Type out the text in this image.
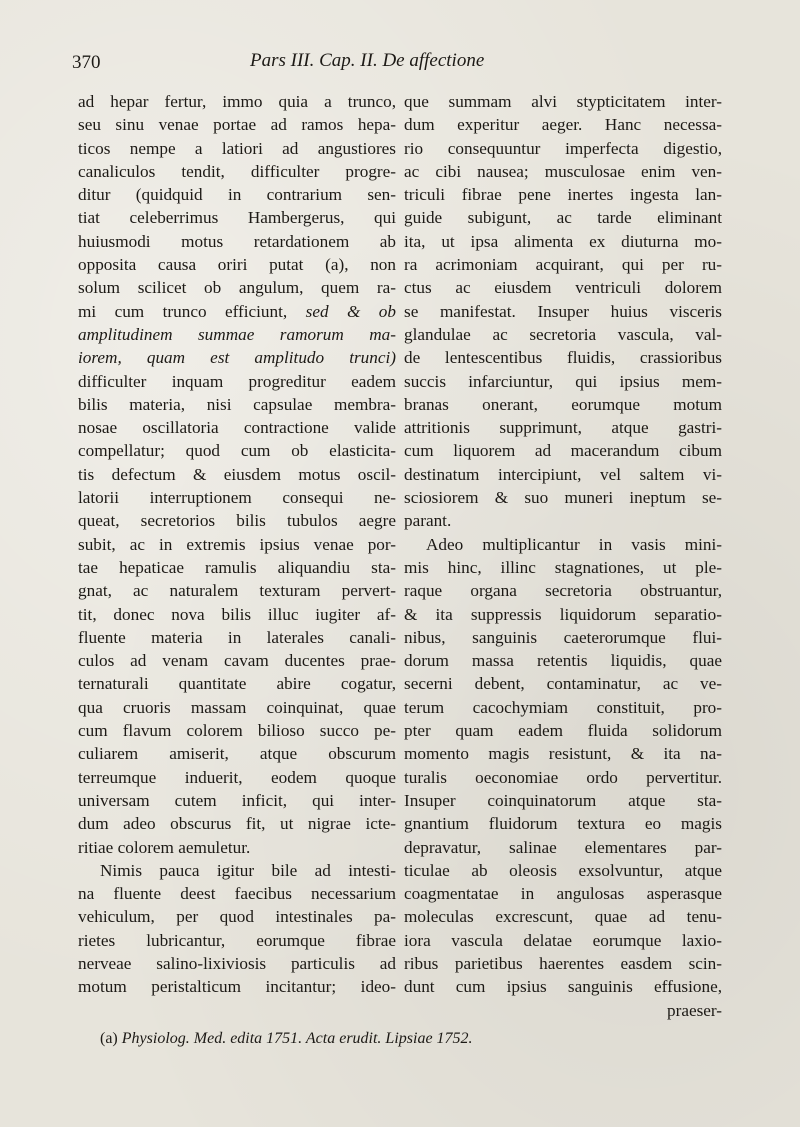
370	Pars III. Cap. II. De affectione
ad hepar fertur, immo quia a trunco,
seu sinu venae portae ad ramos hepa-
ticos nempe a latiori ad angustiores
canaliculos tendit, difficulter progre-
ditur (quidquid in contrarium sen-
tiat celeberrimus Hambergerus, qui
huiusmodi motus retardationem ab
opposita causa oriri putat (a), non
solum scilicet ob angulum, quem ra-
mi cum trunco efficiunt, sed & ob
amplitudinem summae ramorum ma-
iorem, quam est amplitudo trunci)
difficulter inquam progreditur eadem
bilis materia, nisi capsulae membra-
nosae oscillatoria contractione valide
compellatur; quod cum ob elasticita-
tis defectum & eiusdem motus oscil-
latorii interruptionem consequi ne-
queat, secretorios bilis tubulos aegre
subit, ac in extremis ipsius venae por-
tae hepaticae ramulis aliquandiu sta-
gnat, ac naturalem texturam pervert-
tit, donec nova bilis illuc iugiter af-
fluente materia in laterales canali-
culos ad venam cavam ducentes prae-
ternaturali quantitate abire cogatur,
qua cruoris massam coinquinat, quae
cum flavum colorem bilioso succo pe-
culiarem amiserit, atque obscurum
terreumque induerit, eodem quoque
universam cutem inficit, qui inter-
dum adeo obscurus fit, ut nigrae icte-
ritiae colorem aemuletur.
Nimis pauca igitur bile ad intesti-
na fluente deest faecibus necessarium
vehiculum, per quod intestinales pa-
rietes lubricantur, eorumque fibrae
nerveae salino-lixiviosis particulis ad
motum peristalticum incitantur; ideo-
que summam alvi stypticitatem inter-
dum experitur aeger. Hanc necessa-
rio consequuntur imperfecta digestio,
ac cibi nausea; musculosae enim ven-
triculi fibrae pene inertes ingesta lan-
guide subigunt, ac tarde eliminant
ita, ut ipsa alimenta ex diuturna mo-
ra acrimoniam acquirant, qui per ru-
ctus ac eiusdem ventriculi dolorem
se manifestat. Insuper huius visceris
glandulae ac secretoria vascula, val-
de lentescentibus fluidis, crassioribus
succis infarciuntur, qui ipsius mem-
branas onerant, eorumque motum
attritionis supprimunt, atque gastri-
cum liquorem ad macerandum cibum
destinatum intercipiunt, vel saltem vi-
sciosiorem & suo muneri ineptum se-
parant.
Adeo multiplicantur in vasis mini-
mis hinc, illinc stagnationes, ut ple-
raque organa secretoria obstruantur,
& ita suppressis liquidorum separatio-
nibus, sanguinis caeterorumque flui-
dorum massa retentis liquidis, quae
secerni debent, contaminatur, ac ve-
terum cacochymiam constituit, pro-
pter quam eadem fluida solidorum
momento magis resistunt, & ita na-
turalis oeconomiae ordo pervertitur.
Insuper coinquinatorum atque sta-
gnantium fluidorum textura eo magis
depravatur, salinae elementares par-
ticulae ab oleosis exsolvuntur, atque
coagmentatae in angulosas asperasque
moleculas excrescunt, quae ad tenu-
iora vascula delatae eorumque laxio-
ribus parietibus haerentes easdem scin-
dunt cum ipsius sanguinis effusione,
praeser-
(a) Physiolog. Med. edita 1751. Acta erudit. Lipsiae 1752.
